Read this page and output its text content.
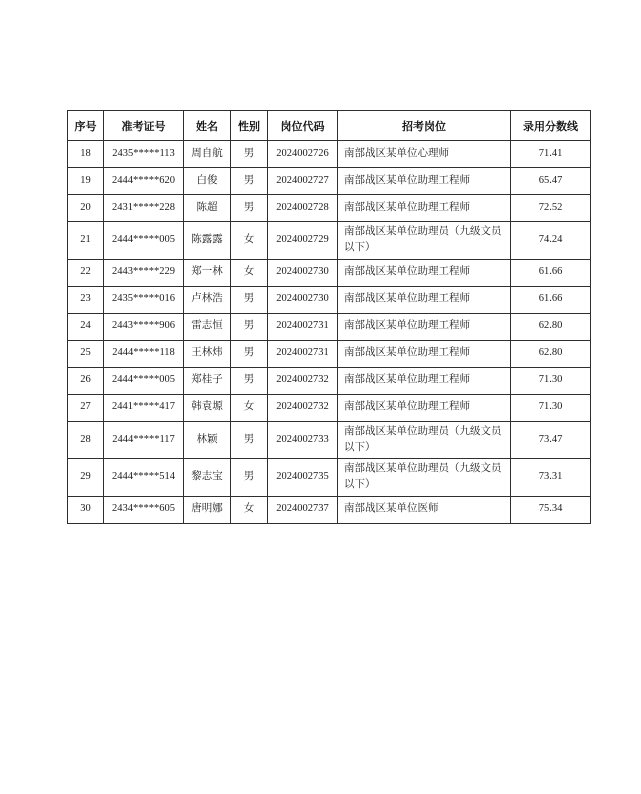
序号	准考证号	姓名	性别	岗位代码	招考岗位	录用分数线
18	2435*****113	周自航	男	2024002726	南部战区某单位心理师	71.41
19	2444*****620	白俊	男	2024002727	南部战区某单位助理工程师	65.47
20	2431*****228	陈超	男	2024002728	南部战区某单位助理工程师	72.52
21	2444*****005	陈露露	女	2024002729	南部战区某单位助理员（九级文员以下）	74.24
22	2443*****229	郑一林	女	2024002730	南部战区某单位助理工程师	61.66
23	2435*****016	卢林浩	男	2024002730	南部战区某单位助理工程师	61.66
24	2443*****906	雷志恒	男	2024002731	南部战区某单位助理工程师	62.80
25	2444*****118	王林炜	男	2024002731	南部战区某单位助理工程师	62.80
26	2444*****005	郑桂子	男	2024002732	南部战区某单位助理工程师	71.30
27	2441*****417	韩袁塬	女	2024002732	南部战区某单位助理工程师	71.30
28	2444*****117	林颖	男	2024002733	南部战区某单位助理员（九级文员以下）	73.47
29	2444*****514	黎志宝	男	2024002735	南部战区某单位助理员（九级文员以下）	73.31
30	2434*****605	唐明娜	女	2024002737	南部战区某单位医师	75.34
